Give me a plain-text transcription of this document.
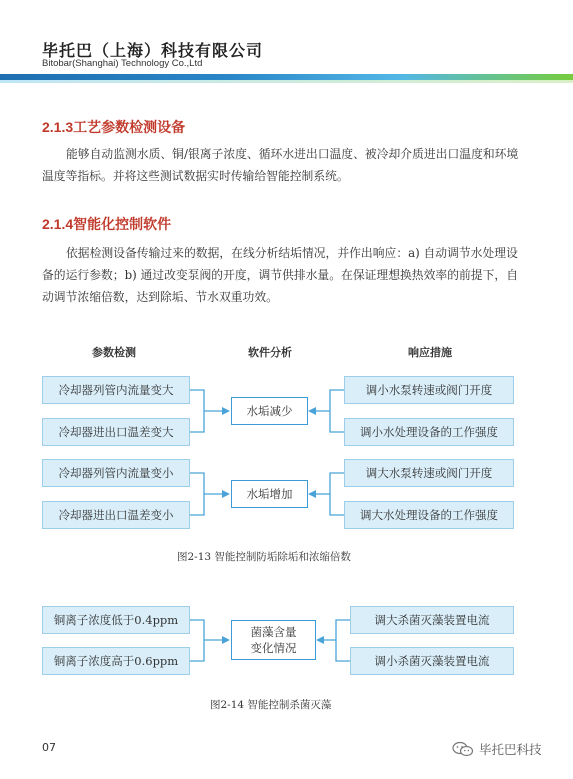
毕托巴（上海）科技有限公司
Bitobar(Shanghai) Technology Co.,Ltd
2.1.3工艺参数检测设备
能够自动监测水质、铜/银离子浓度、循环水进出口温度、被冷却介质进出口温度和环境温度等指标。并将这些测试数据实时传输给智能控制系统。
2.1.4智能化控制软件
依据检测设备传输过来的数据，在线分析结垢情况，并作出响应：a) 自动调节水处理设备的运行参数；b) 通过改变泵阀的开度，调节供排水量。在保证理想换热效率的前提下，自动调节浓缩倍数，达到除垢、节水双重功效。
参数检测	软件分析	响应措施
冷却器列管内流量变大
冷却器进出口温差变大
水垢减少
调小水泵转速或阀门开度
调小水处理设备的工作强度
冷却器列管内流量变小
冷却器进出口温差变小
水垢增加
调大水泵转速或阀门开度
调大水处理设备的工作强度
图2-13 智能控制防垢除垢和浓缩倍数
铜离子浓度低于0.4ppm
铜离子浓度高于0.6ppm
菌藻含量
变化情况
调大杀菌灭藻装置电流
调小杀菌灭藻装置电流
图2-14 智能控制杀菌灭藻
07	毕托巴科技
